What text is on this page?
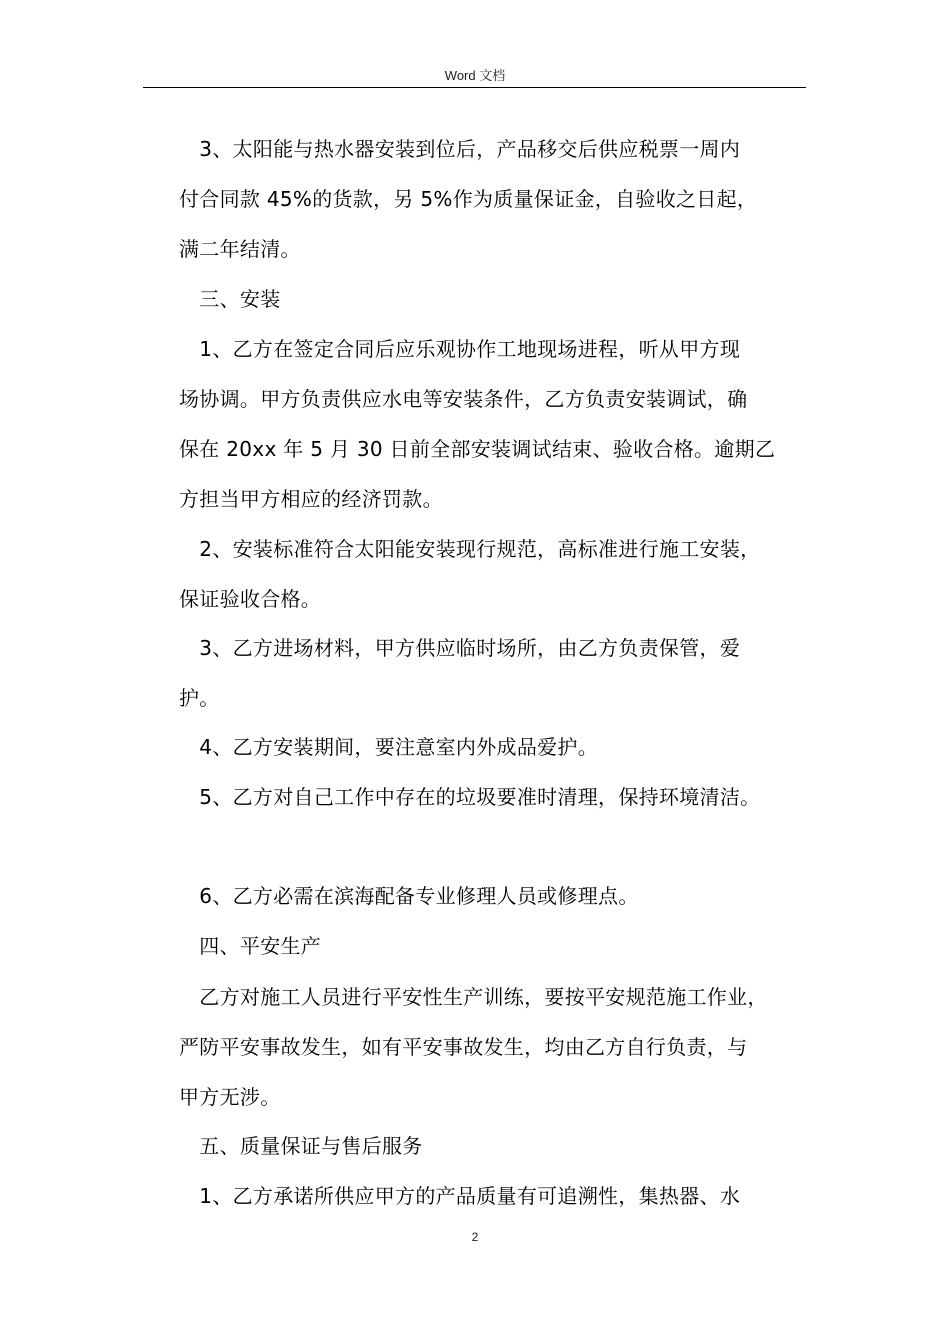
Word 文档
　3、太阳能与热水器安装到位后，产品移交后供应税票一周内
付合同款 45%的货款，另 5%作为质量保证金，自验收之日起，
满二年结清。
　三、安装
　1、乙方在签定合同后应乐观协作工地现场进程，听从甲方现
场协调。甲方负责供应水电等安装条件，乙方负责安装调试，确
保在 20xx 年 5 月 30 日前全部安装调试结束、验收合格。逾期乙
方担当甲方相应的经济罚款。
　2、安装标准符合太阳能安装现行规范，高标准进行施工安装，
保证验收合格。
　3、乙方进场材料，甲方供应临时场所，由乙方负责保管，爱
护。
　4、乙方安装期间，要注意室内外成品爱护。
　5、乙方对自己工作中存在的垃圾要准时清理，保持环境清洁。
　6、乙方必需在滨海配备专业修理人员或修理点。
　四、平安生产
　乙方对施工人员进行平安性生产训练，要按平安规范施工作业，
严防平安事故发生，如有平安事故发生，均由乙方自行负责，与
甲方无涉。
　五、质量保证与售后服务
　1、乙方承诺所供应甲方的产品质量有可追溯性，集热器、水
2
